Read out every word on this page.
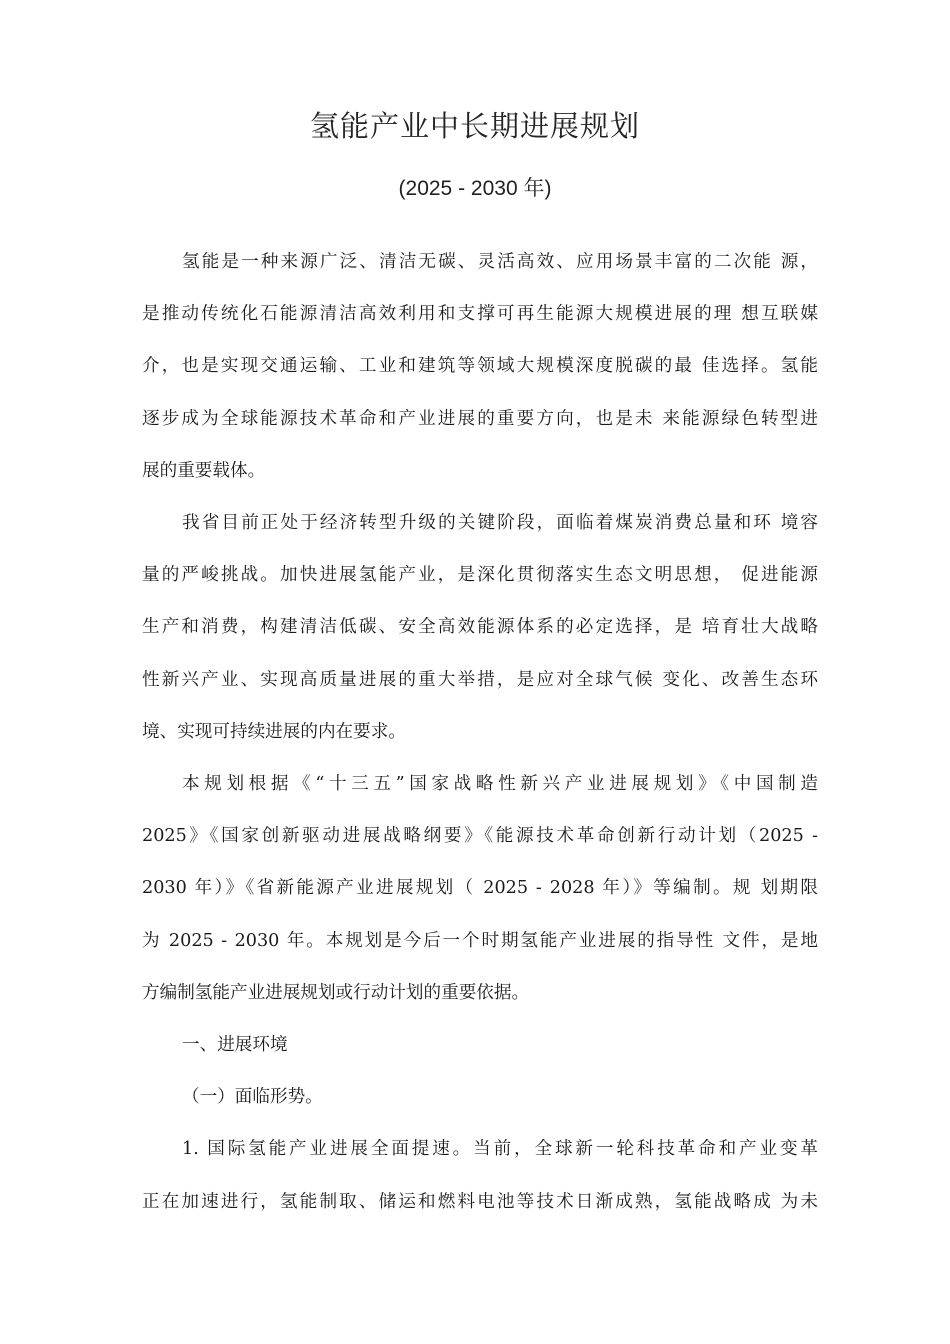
氢能产业中长期进展规划
(2025 - 2030 年)
氢能是一种来源广泛、清洁无碳、灵活高效、应用场景丰富的二次能 源，
是推动传统化石能源清洁高效利用和支撑可再生能源大规模进展的理 想互联媒
介，也是实现交通运输、工业和建筑等领域大规模深度脱碳的最 佳选择。氢能
逐步成为全球能源技术革命和产业进展的重要方向，也是未 来能源绿色转型进
展的重要载体。
我省目前正处于经济转型升级的关键阶段，面临着煤炭消费总量和环 境容
量的严峻挑战。加快进展氢能产业，是深化贯彻落实生态文明思想， 促进能源
生产和消费，构建清洁低碳、安全高效能源体系的必定选择，是 培育壮大战略
性新兴产业、实现高质量进展的重大举措，是应对全球气候 变化、改善生态环
境、实现可持续进展的内在要求。
本规划根据《“十三五”国家战略性新兴产业进展规划》《中国制造
2025》《国家创新驱动进展战略纲要》《能源技术革命创新行动计划（2025 -
2030 年）》《省新能源产业进展规划（ 2025 - 2028 年）》等编制。规 划期限
为 2025 - 2030 年。本规划是今后一个时期氢能产业进展的指导性 文件，是地
方编制氢能产业进展规划或行动计划的重要依据。
一、进展环境
（一）面临形势。
1. 国际氢能产业进展全面提速。当前，全球新一轮科技革命和产业变革
正在加速进行，氢能制取、储运和燃料电池等技术日渐成熟，氢能战略成 为未
